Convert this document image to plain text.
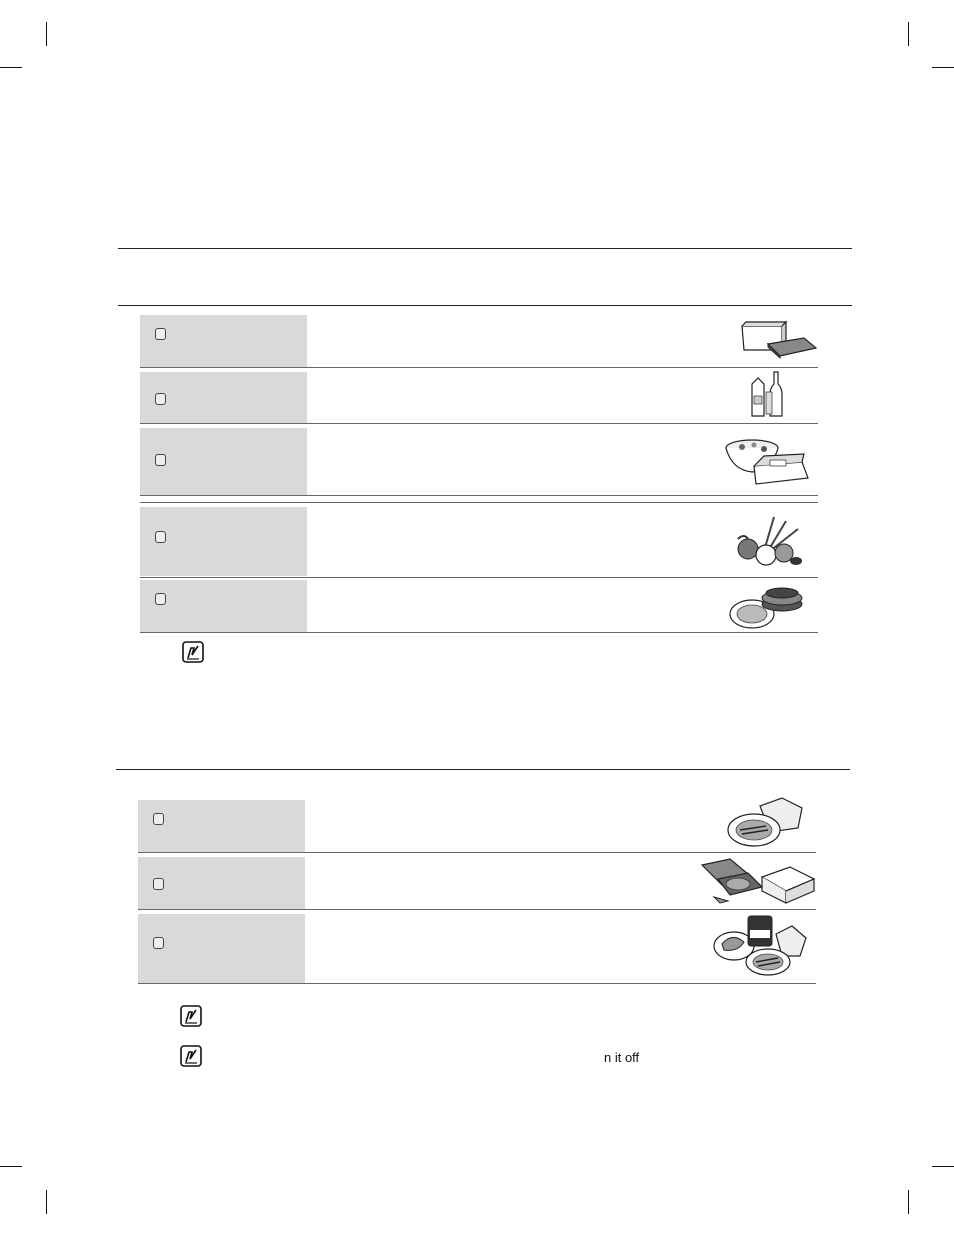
n it off
